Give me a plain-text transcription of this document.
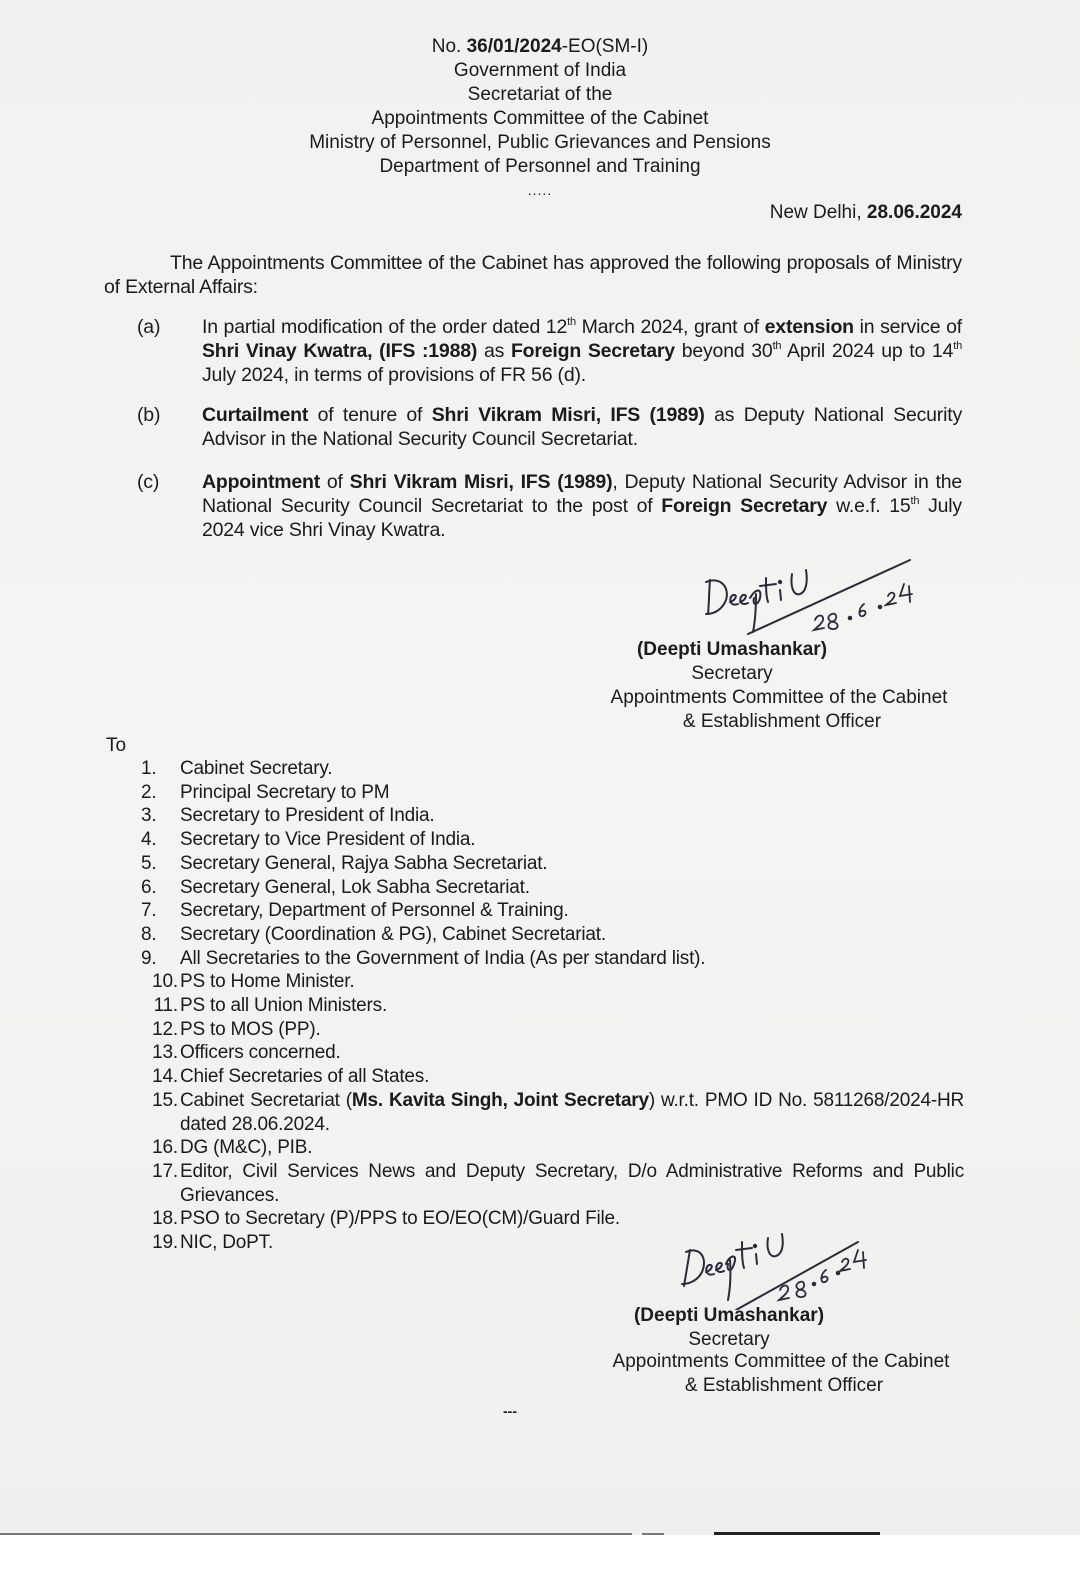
No. 36/01/2024-EO(SM-I)
Government of India
Secretariat of the
Appointments Committee of the Cabinet
Ministry of Personnel, Public Grievances and Pensions
Department of Personnel and Training
.....
New Delhi, 28.06.2024
The Appointments Committee of the Cabinet has approved the following proposals of Ministry of External Affairs:
(a)	In partial modification of the order dated 12th March 2024, grant of extension in service of Shri Vinay Kwatra, (IFS :1988) as Foreign Secretary beyond 30th April 2024 up to 14th July 2024, in terms of provisions of FR 56 (d).
(b)	Curtailment of tenure of Shri Vikram Misri, IFS (1989) as Deputy National Security Advisor in the National Security Council Secretariat.
(c)	Appointment of Shri Vikram Misri, IFS (1989), Deputy National Security Advisor in the National Security Council Secretariat to the post of Foreign Secretary w.e.f. 15th July 2024 vice Shri Vinay Kwatra.
(Deepti Umashankar)
Secretary
Appointments Committee of the Cabinet
& Establishment Officer
To
1.	Cabinet Secretary.
2.	Principal Secretary to PM
3.	Secretary to President of India.
4.	Secretary to Vice President of India.
5.	Secretary General, Rajya Sabha Secretariat.
6.	Secretary General, Lok Sabha Secretariat.
7.	Secretary, Department of Personnel & Training.
8.	Secretary (Coordination & PG), Cabinet Secretariat.
9.	All Secretaries to the Government of India (As per standard list).
10. PS to Home Minister.
11. PS to all Union Ministers.
12. PS to MOS (PP).
13. Officers concerned.
14. Chief Secretaries of all States.
15. Cabinet Secretariat (Ms. Kavita Singh, Joint Secretary) w.r.t. PMO ID No. 5811268/2024-HR dated 28.06.2024.
16. DG (M&C), PIB.
17. Editor, Civil Services News and Deputy Secretary, D/o Administrative Reforms and Public Grievances.
18. PSO to Secretary (P)/PPS to EO/EO(CM)/Guard File.
19. NIC, DoPT.
(Deepti Umashankar)
Secretary
Appointments Committee of the Cabinet
& Establishment Officer
---
